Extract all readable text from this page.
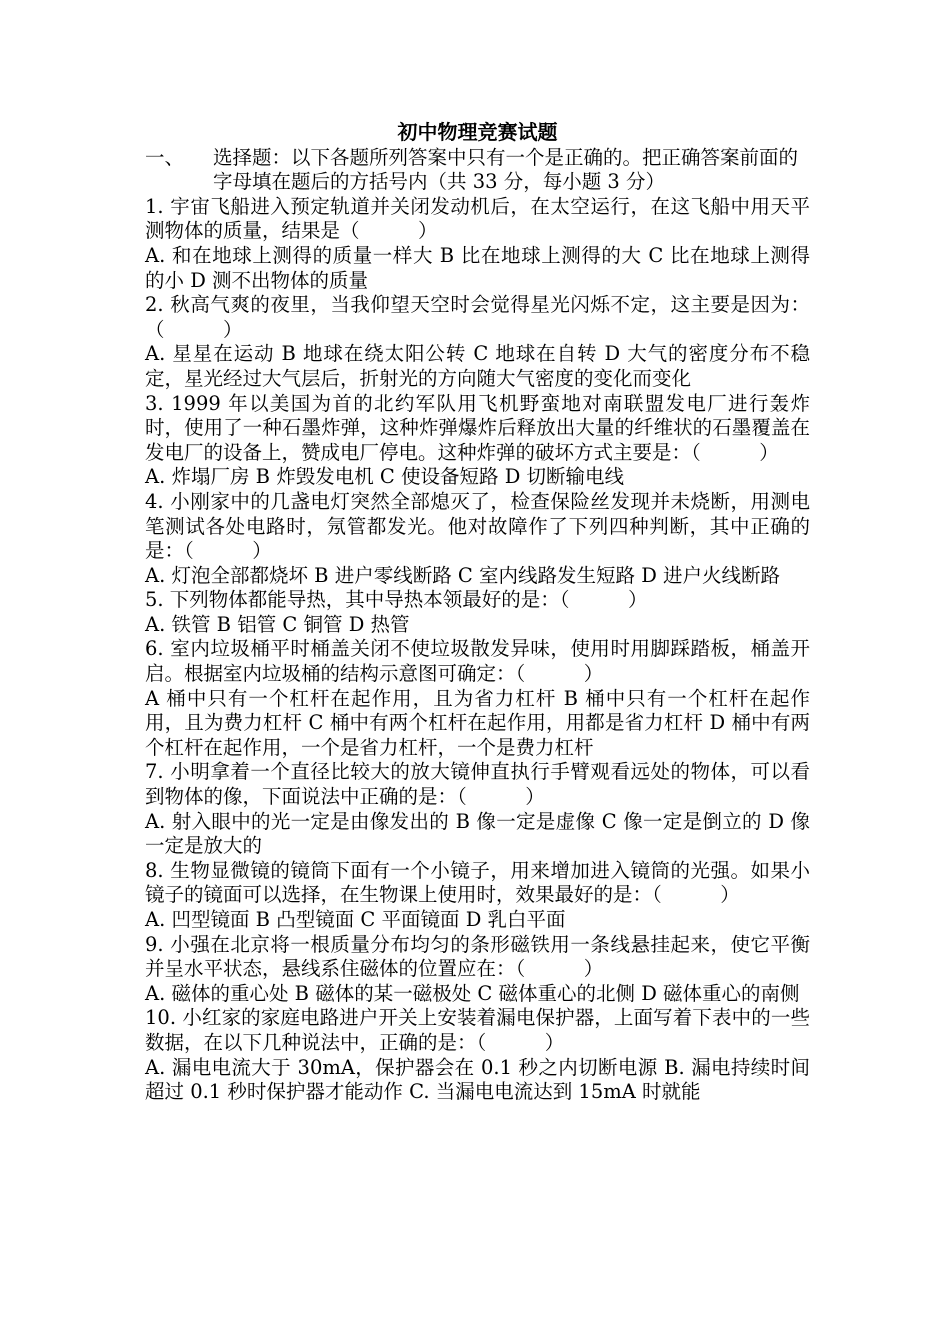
初中物理竞赛试题
一、	选择题：以下各题所列答案中只有一个是正确的。把正确答案前面的字母填在题后的方括号内（共 33 分，每小题 3 分）

1. 宇宙飞船进入预定轨道并关闭发动机后，在太空运行，在这飞船中用天平测物体的质量，结果是（　　　）

A. 和在地球上测得的质量一样大 B 比在地球上测得的大 C 比在地球上测得的小 D 测不出物体的质量

2. 秋高气爽的夜里，当我仰望天空时会觉得星光闪烁不定，这主要是因为：（　　　）

A. 星星在运动 B 地球在绕太阳公转 C 地球在自转 D 大气的密度分布不稳定，星光经过大气层后，折射光的方向随大气密度的变化而变化

3. 1999 年以美国为首的北约军队用飞机野蛮地对南联盟发电厂进行轰炸时，使用了一种石墨炸弹，这种炸弹爆炸后释放出大量的纤维状的石墨覆盖在发电厂的设备上，赞成电厂停电。这种炸弹的破坏方式主要是：（　　　）

A. 炸塌厂房 B 炸毁发电机 C 使设备短路 D 切断输电线

4. 小刚家中的几盏电灯突然全部熄灭了，检查保险丝发现并未烧断，用测电笔测试各处电路时，氖管都发光。他对故障作了下列四种判断，其中正确的是：（　　　）

A. 灯泡全部都烧坏 B 进户零线断路 C 室内线路发生短路 D 进户火线断路

5. 下列物体都能导热，其中导热本领最好的是：（　　　）

A. 铁管 B 铝管 C 铜管 D 热管

6. 室内垃圾桶平时桶盖关闭不使垃圾散发异味，使用时用脚踩踏板，桶盖开启。根据室内垃圾桶的结构示意图可确定：（　　　）

A 桶中只有一个杠杆在起作用，且为省力杠杆 B 桶中只有一个杠杆在起作用，且为费力杠杆 C 桶中有两个杠杆在起作用，用都是省力杠杆 D 桶中有两个杠杆在起作用，一个是省力杠杆，一个是费力杠杆

7. 小明拿着一个直径比较大的放大镜伸直执行手臂观看远处的物体，可以看到物体的像，下面说法中正确的是：（　　　）

A. 射入眼中的光一定是由像发出的 B 像一定是虚像 C 像一定是倒立的 D 像一定是放大的

8. 生物显微镜的镜筒下面有一个小镜子，用来增加进入镜筒的光强。如果小镜子的镜面可以选择，在生物课上使用时，效果最好的是：（　　　）

A. 凹型镜面 B 凸型镜面 C 平面镜面 D 乳白平面

9. 小强在北京将一根质量分布均匀的条形磁铁用一条线悬挂起来，使它平衡并呈水平状态，悬线系住磁体的位置应在：（　　　）

A. 磁体的重心处 B 磁体的某一磁极处 C 磁体重心的北侧 D 磁体重心的南侧

10. 小红家的家庭电路进户开关上安装着漏电保护器，上面写着下表中的一些数据，在以下几种说法中，正确的是：（　　　）

A. 漏电电流大于 30mA，保护器会在 0.1 秒之内切断电源 B. 漏电持续时间超过 0.1 秒时保护器才能动作 C. 当漏电电流达到 15mA 时就能
